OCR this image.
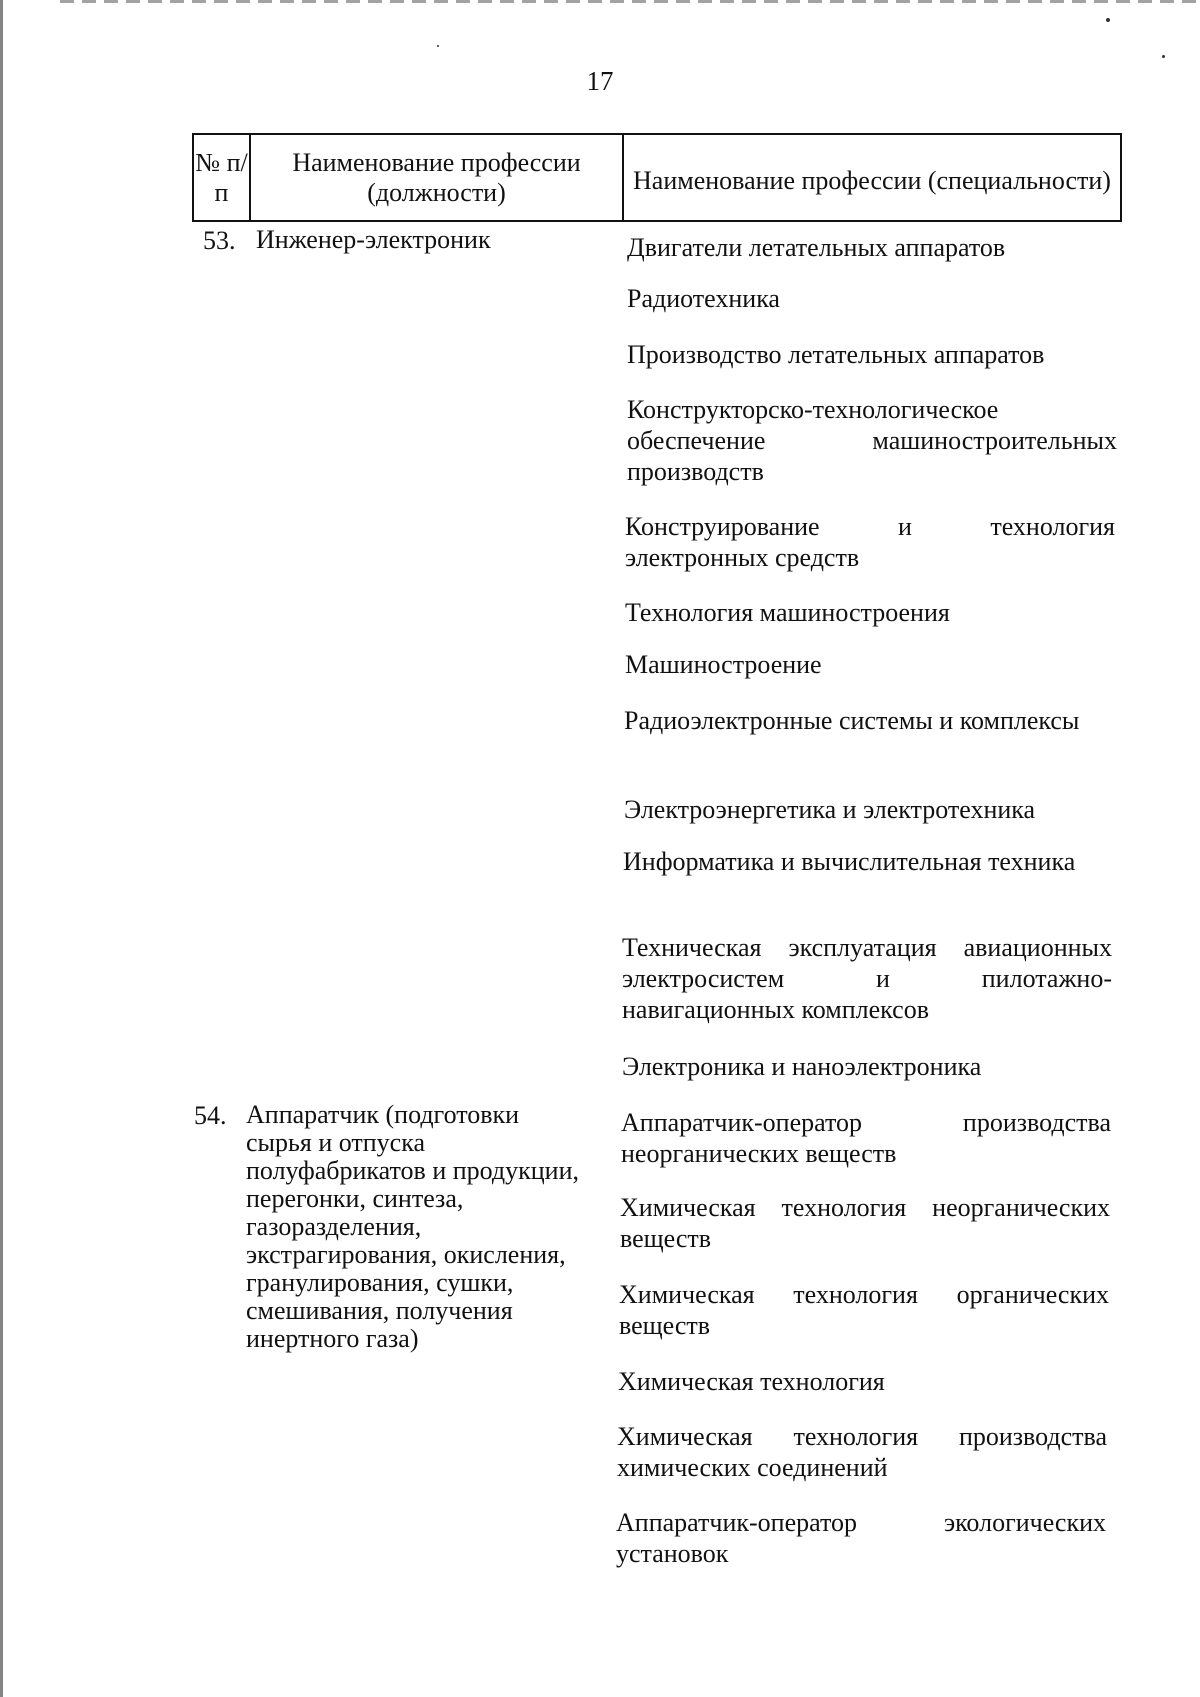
17
№ п/п
Наименование профессии (должности)	Наименование профессии (специальности)
53. Инженер-электроник	Двигатели летательных аппаратов
Радиотехника
Производство летательных аппаратов
Конструкторско-технологическое обеспечение машиностроительных производств
Конструирование и технология электронных средств
Технология машиностроения
Машиностроение
Радиоэлектронные системы и комплексы
Электроэнергетика и электротехника
Информатика и вычислительная техника
Техническая эксплуатация авиационных электросистем и пилотажно-навигационных комплексов
Электроника и наноэлектроника
54. Аппаратчик (подготовки сырья и отпуска полуфабрикатов и продукции, перегонки, синтеза, газоразделения, экстрагирования, окисления, гранулирования, сушки, смешивания, получения инертного газа)
Аппаратчик-оператор производства неорганических веществ
Химическая технология неорганических веществ
Химическая технология органических веществ
Химическая технология
Химическая технология производства химических соединений
Аппаратчик-оператор экологических установок
